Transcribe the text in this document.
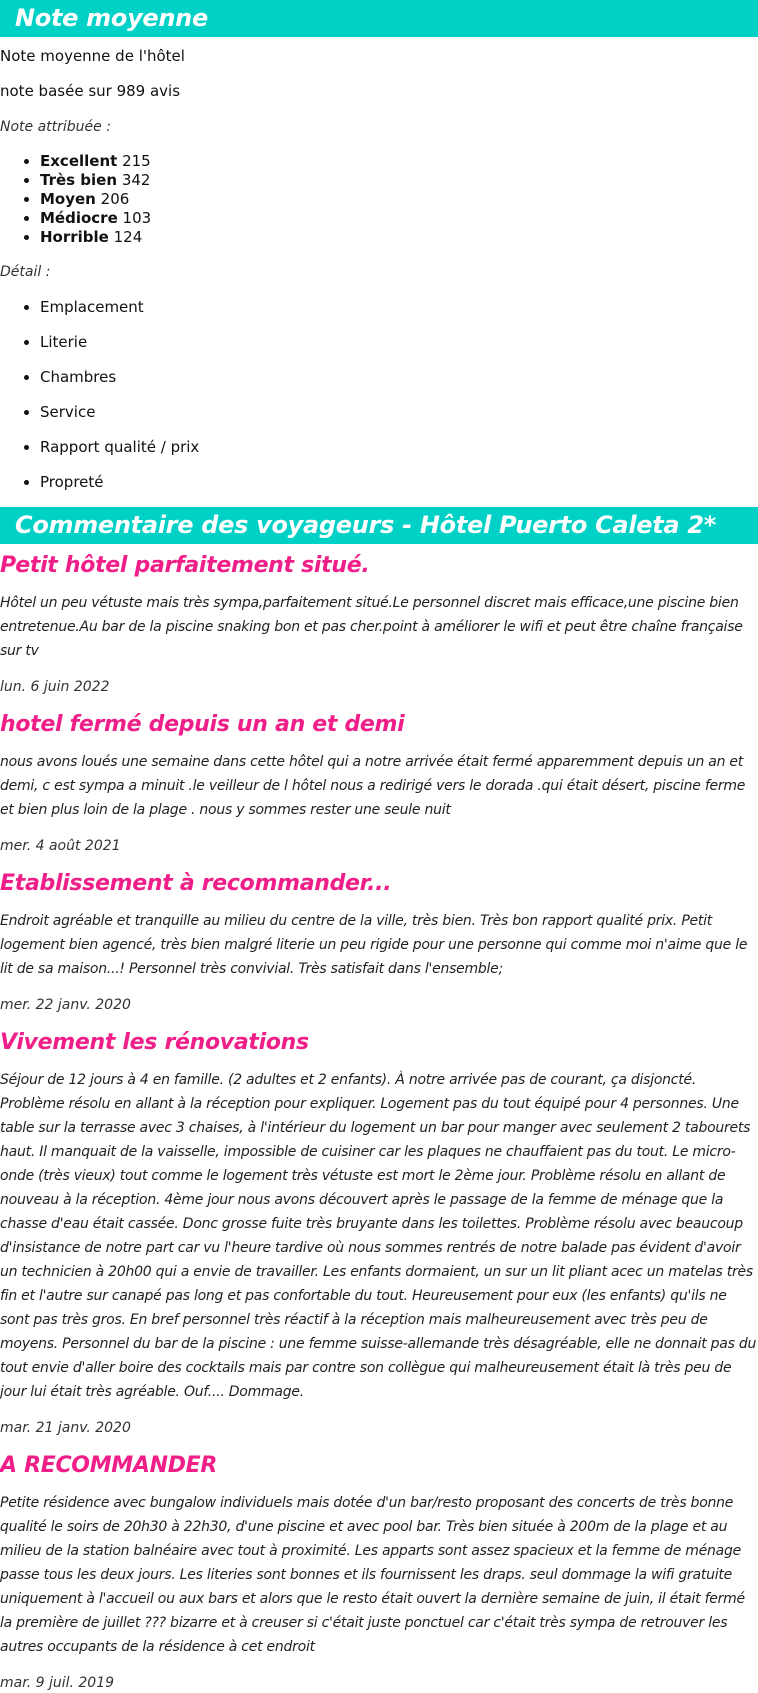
Note moyenne

Note moyenne de l'hôtel

note basée sur 989 avis

Note attribuée :

• Excellent 215
• Très bien 342
• Moyen 206
• Médiocre 103
• Horrible 124

Détail :

• Emplacement
• Literie
• Chambres
• Service
• Rapport qualité / prix
• Propreté
Commentaire des voyageurs - Hôtel Puerto Caleta 2*
Petit hôtel parfaitement situé.

Hôtel un peu vétuste mais très sympa,parfaitement situé.Le personnel discret mais efficace,une piscine bien entretenue.Au bar de la piscine snaking bon et pas cher.point à améliorer le wifi et peut être chaîne française sur tv

lun. 6 juin 2022

hotel fermé depuis un an et demi

nous avons loués une semaine dans cette hôtel qui a notre arrivée était fermé apparemment depuis un an et demi, c est sympa a minuit .le veilleur de l hôtel nous a redirigé vers le dorada .qui était désert, piscine ferme et bien plus loin de la plage . nous y sommes rester une seule nuit

mer. 4 août 2021

Etablissement à recommander...

Endroit agréable et tranquille au milieu du centre de la ville, très bien. Très bon rapport qualité prix. Petit logement bien agencé, très bien malgré literie un peu rigide pour une personne qui comme moi n'aime que le lit de sa maison...! Personnel très convivial. Très satisfait dans l'ensemble;

mer. 22 janv. 2020

Vivement les rénovations

Séjour de 12 jours à 4 en famille. (2 adultes et 2 enfants). À notre arrivée pas de courant, ça disjoncté. Problème résolu en allant à la réception pour expliquer. Logement pas du tout équipé pour 4 personnes. Une table sur la terrasse avec 3 chaises, à l'intérieur du logement un bar pour manger avec seulement 2 tabourets haut. Il manquait de la vaisselle, impossible de cuisiner car les plaques ne chauffaient pas du tout. Le micro-onde (très vieux) tout comme le logement très vétuste est mort le 2ème jour. Problème résolu en allant de nouveau à la réception. 4ème jour nous avons découvert après le passage de la femme de ménage que la chasse d'eau était cassée. Donc grosse fuite très bruyante dans les toilettes. Problème résolu avec beaucoup d'insistance de notre part car vu l'heure tardive où nous sommes rentrés de notre balade pas évident d'avoir un technicien à 20h00 qui a envie de travailler. Les enfants dormaient, un sur un lit pliant acec un matelas très fin et l'autre sur canapé pas long et pas confortable du tout. Heureusement pour eux (les enfants) qu'ils ne sont pas très gros. En bref personnel très réactif à la réception mais malheureusement avec très peu de moyens. Personnel du bar de la piscine : une femme suisse-allemande très désagréable, elle ne donnait pas du tout envie d'aller boire des cocktails mais par contre son collègue qui malheureusement était là très peu de jour lui était très agréable. Ouf.... Dommage.

mar. 21 janv. 2020

A RECOMMANDER

Petite résidence avec bungalow individuels mais dotée d'un bar/resto proposant des concerts de très bonne qualité le soirs de 20h30 à 22h30, d'une piscine et avec pool bar. Très bien située à 200m de la plage et au milieu de la station balnéaire avec tout à proximité. Les apparts sont assez spacieux et la femme de ménage passe tous les deux jours. Les literies sont bonnes et ils fournissent les draps. seul dommage la wifi gratuite uniquement à l'accueil ou aux bars et alors que le resto était ouvert la dernière semaine de juin, il était fermé la première de juillet ??? bizarre et à creuser si c'était juste ponctuel car c'était très sympa de retrouver les autres occupants de la résidence à cet endroit

mar. 9 juil. 2019
